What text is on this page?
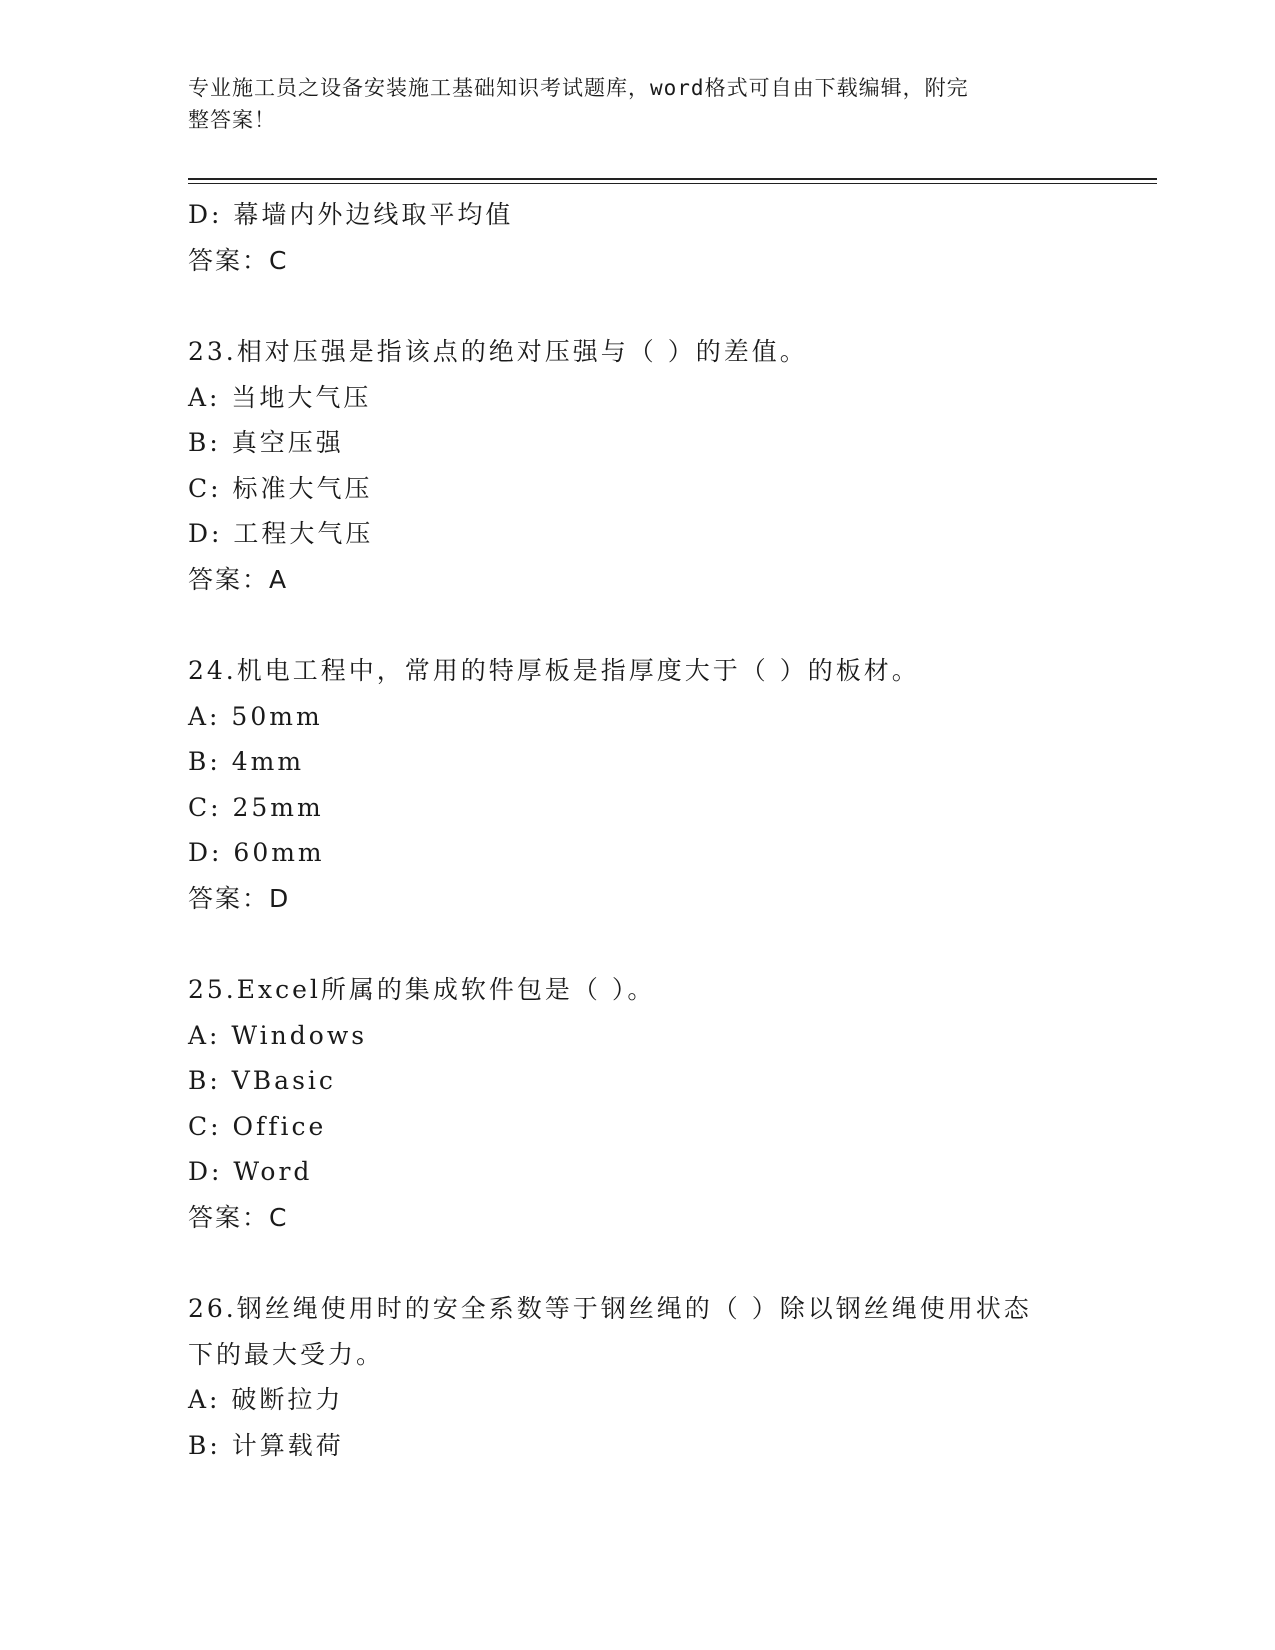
专业施工员之设备安装施工基础知识考试题库，word格式可自由下载编辑，附完
整答案！
D: 幕墙内外边线取平均值
答案：C
23.相对压强是指该点的绝对压强与（ ）的差值。
A: 当地大气压
B: 真空压强
C: 标准大气压
D: 工程大气压
答案：A
24.机电工程中，常用的特厚板是指厚度大于（ ）的板材。
A: 50mm
B: 4mm
C: 25mm
D: 60mm
答案：D
25.Excel所属的集成软件包是（ ）。
A: Windows
B: VBasic
C: Office
D: Word
答案：C
26.钢丝绳使用时的安全系数等于钢丝绳的（ ）除以钢丝绳使用状态
下的最大受力。
A: 破断拉力
B: 计算载荷
